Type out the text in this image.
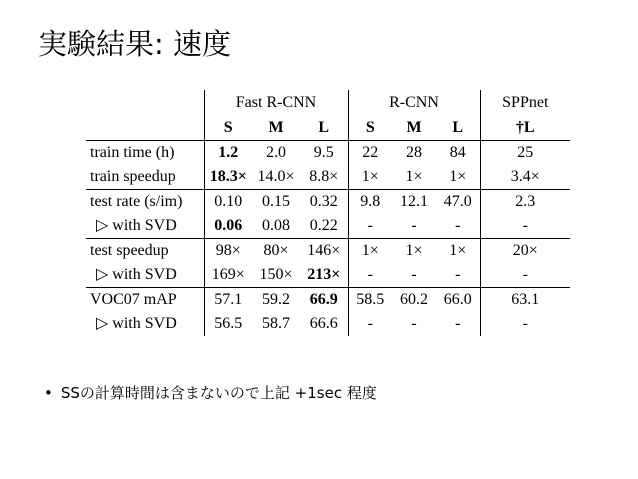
実験結果: 速度
	Fast R-CNN			R-CNN			SPPnet
	S	M	L	S	M	L	†L
train time (h)	1.2	2.0	9.5	22	28	84	25
train speedup	18.3×	14.0×	8.8×	1×	1×	1×	3.4×
test rate (s/im)	0.10	0.15	0.32	9.8	12.1	47.0	2.3
▷ with SVD	0.06	0.08	0.22	-	-	-	-
test speedup	98×	80×	146×	1×	1×	1×	20×
▷ with SVD	169×	150×	213×	-	-	-	-
VOC07 mAP	57.1	59.2	66.9	58.5	60.2	66.0	63.1
▷ with SVD	56.5	58.7	66.6	-	-	-	-
• SSの計算時間は含まないので上記 +1sec 程度
